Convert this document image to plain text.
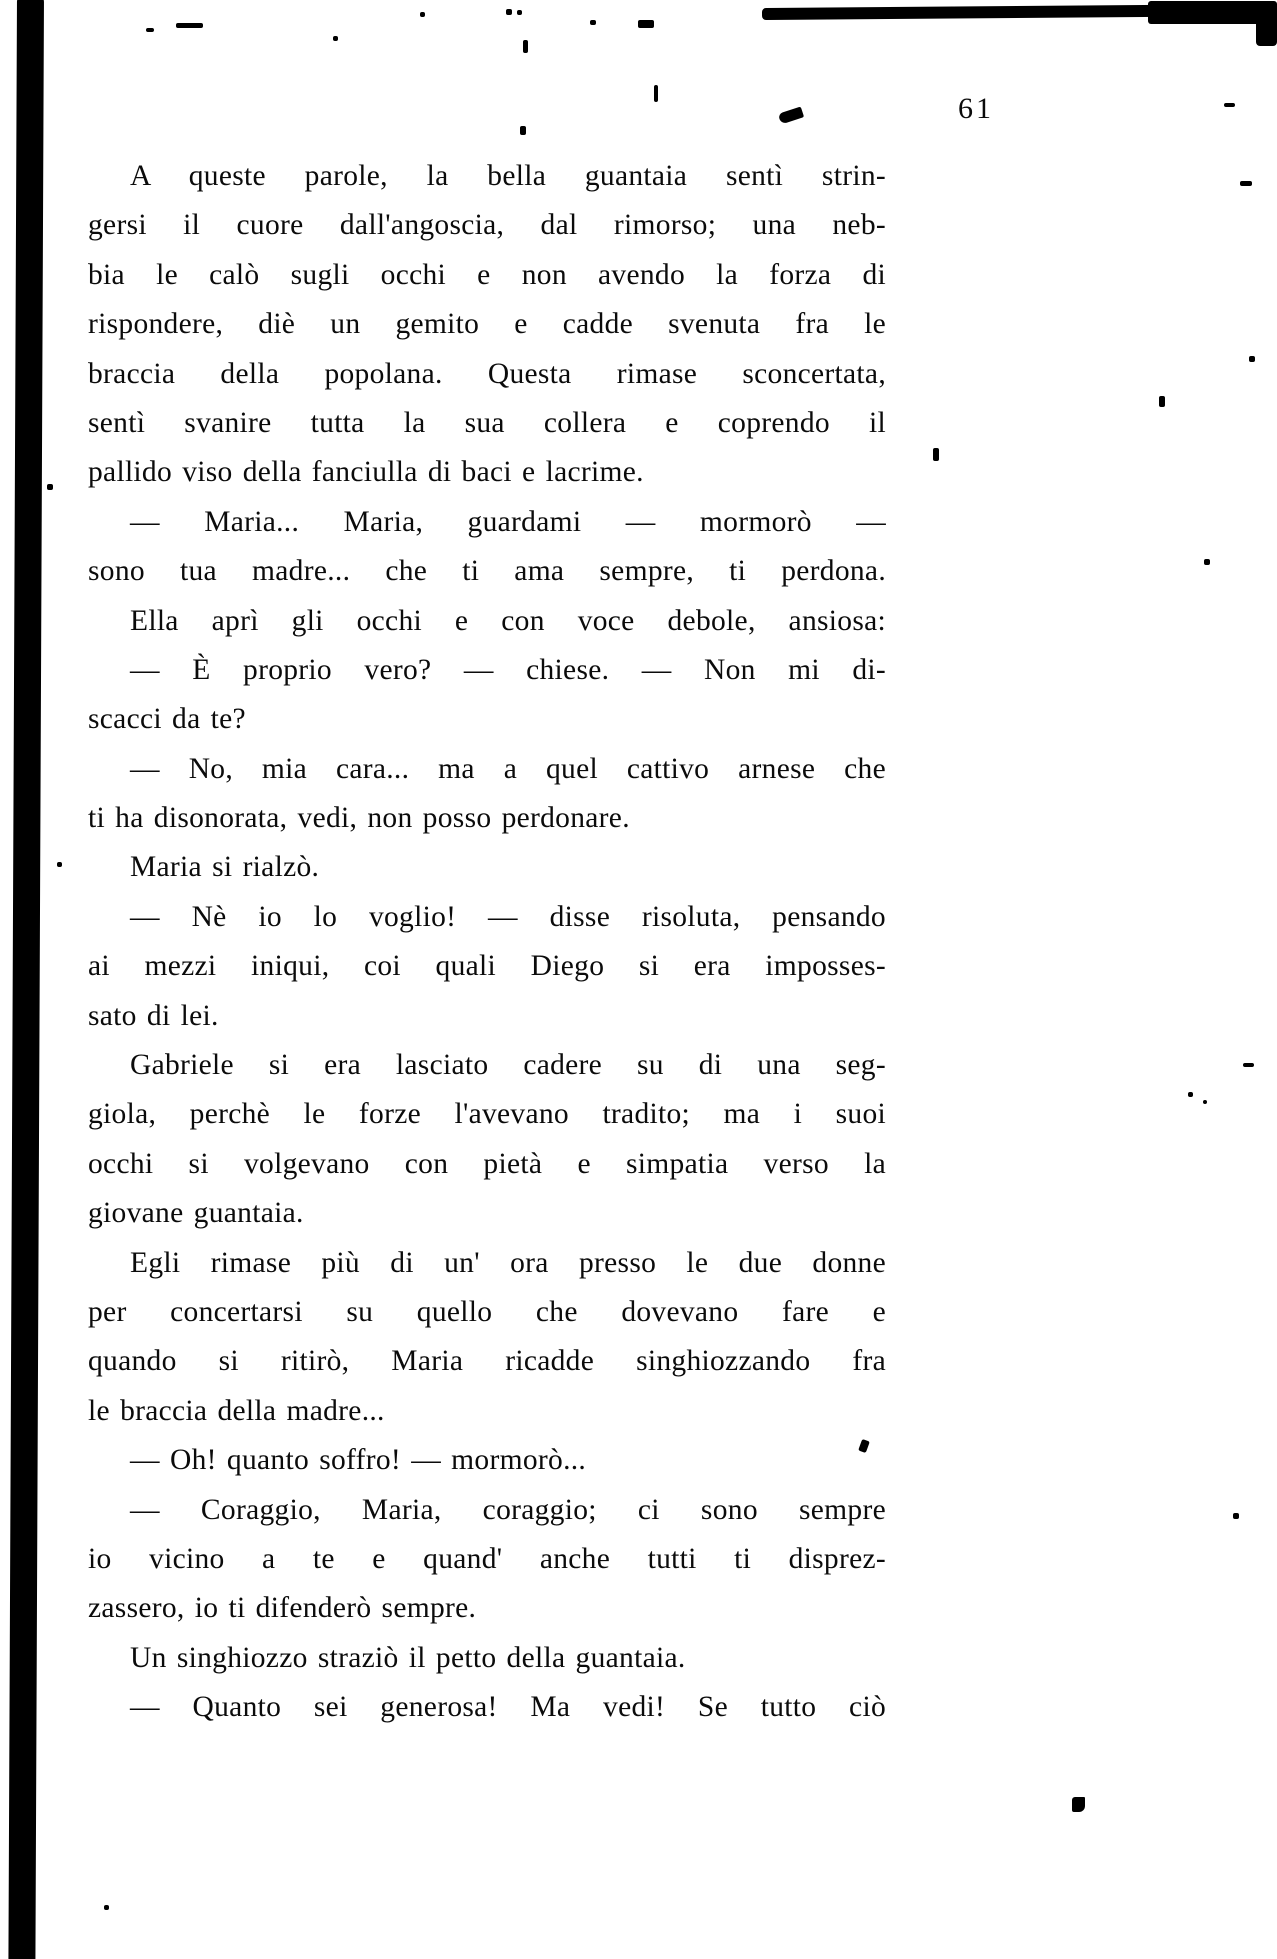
61
A queste parole, la bella guantaia sentì strin-
gersi il cuore dall'angoscia, dal rimorso; una neb-
bia le calò sugli occhi e non avendo la forza di
rispondere, diè un gemito e cadde svenuta fra le
braccia della popolana. Questa rimase sconcertata,
sentì svanire tutta la sua collera e coprendo il
pallido viso della fanciulla di baci e lacrime.
— Maria... Maria, guardami — mormorò —
sono tua madre... che ti ama sempre, ti perdona.
Ella aprì gli occhi e con voce debole, ansiosa:
— È proprio vero? — chiese. — Non mi di-
scacci da te?
— No, mia cara... ma a quel cattivo arnese che
ti ha disonorata, vedi, non posso perdonare.
Maria si rialzò.
— Nè io lo voglio! — disse risoluta, pensando
ai mezzi iniqui, coi quali Diego si era imposses-
sato di lei.
Gabriele si era lasciato cadere su di una seg-
giola, perchè le forze l'avevano tradito; ma i suoi
occhi si volgevano con pietà e simpatia verso la
giovane guantaia.
Egli rimase più di un' ora presso le due donne
per concertarsi su quello che dovevano fare e
quando si ritirò, Maria ricadde singhiozzando fra
le braccia della madre...
— Oh! quanto soffro! — mormorò...
— Coraggio, Maria, coraggio; ci sono sempre
io vicino a te e quand' anche tutti ti disprez-
zassero, io ti difenderò sempre.
Un singhiozzo straziò il petto della guantaia.
— Quanto sei generosa! Ma vedi! Se tutto ciò
